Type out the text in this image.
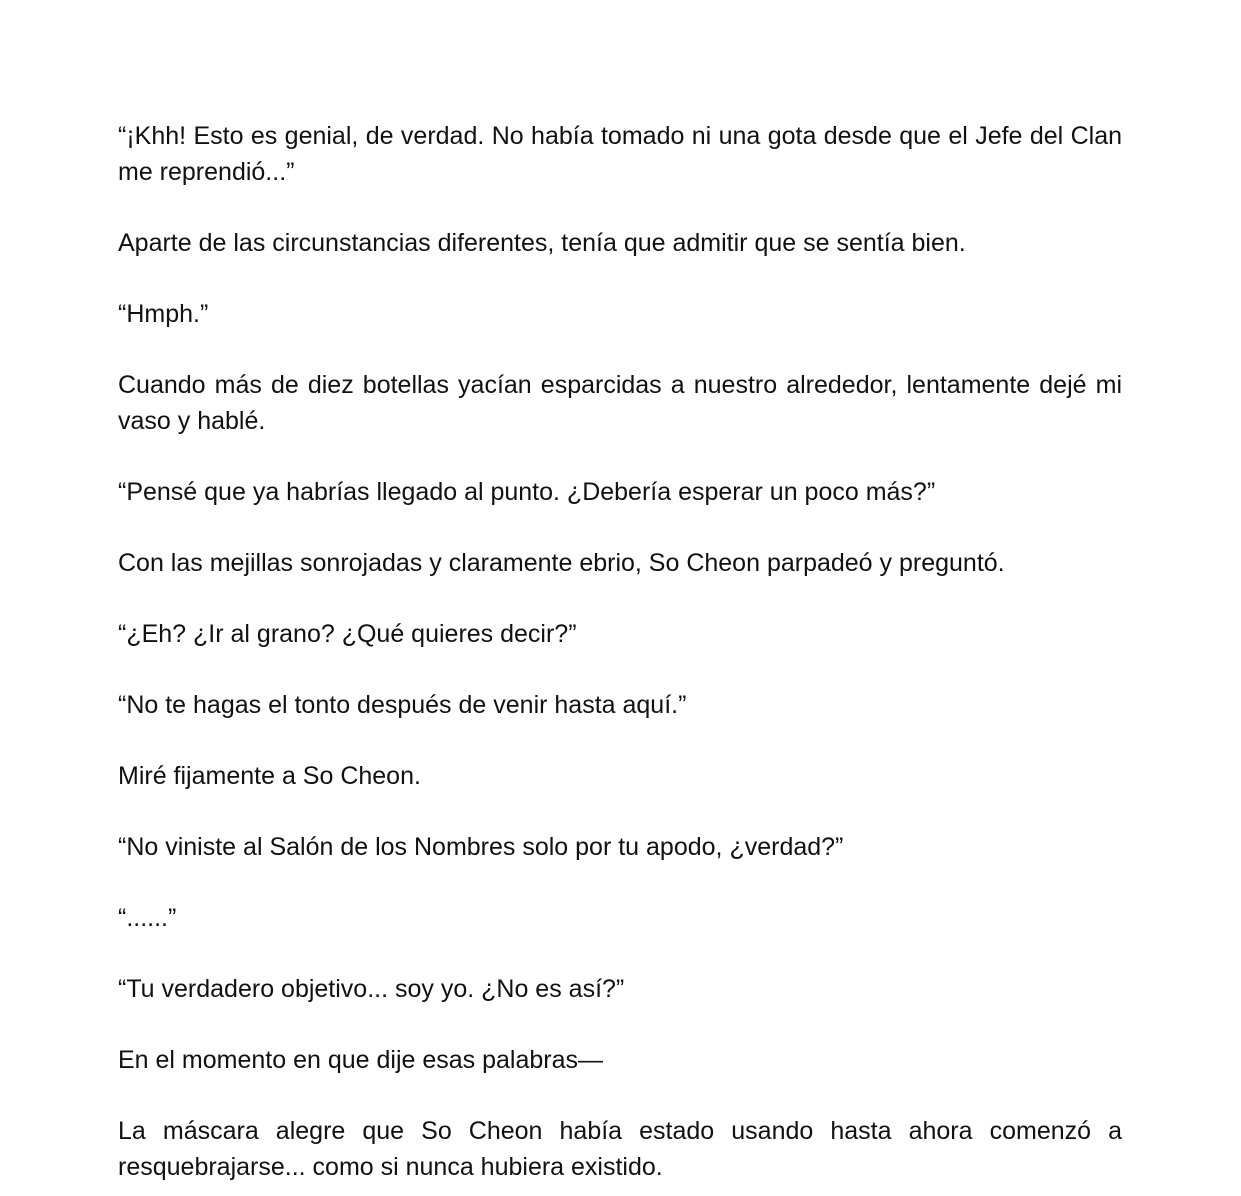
“¡Khh! Esto es genial, de verdad. No había tomado ni una gota desde que el Jefe del Clan me reprendió...”

Aparte de las circunstancias diferentes, tenía que admitir que se sentía bien.

“Hmph.”

Cuando más de diez botellas yacían esparcidas a nuestro alrededor, lentamente dejé mi vaso y hablé.

“Pensé que ya habrías llegado al punto. ¿Debería esperar un poco más?”

Con las mejillas sonrojadas y claramente ebrio, So Cheon parpadeó y preguntó.

“¿Eh? ¿Ir al grano? ¿Qué quieres decir?”

“No te hagas el tonto después de venir hasta aquí.”

Miré fijamente a So Cheon.

“No viniste al Salón de los Nombres solo por tu apodo, ¿verdad?”

“......”

“Tu verdadero objetivo... soy yo. ¿No es así?”

En el momento en que dije esas palabras—

La máscara alegre que So Cheon había estado usando hasta ahora comenzó a resquebrajarse... como si nunca hubiera existido.
